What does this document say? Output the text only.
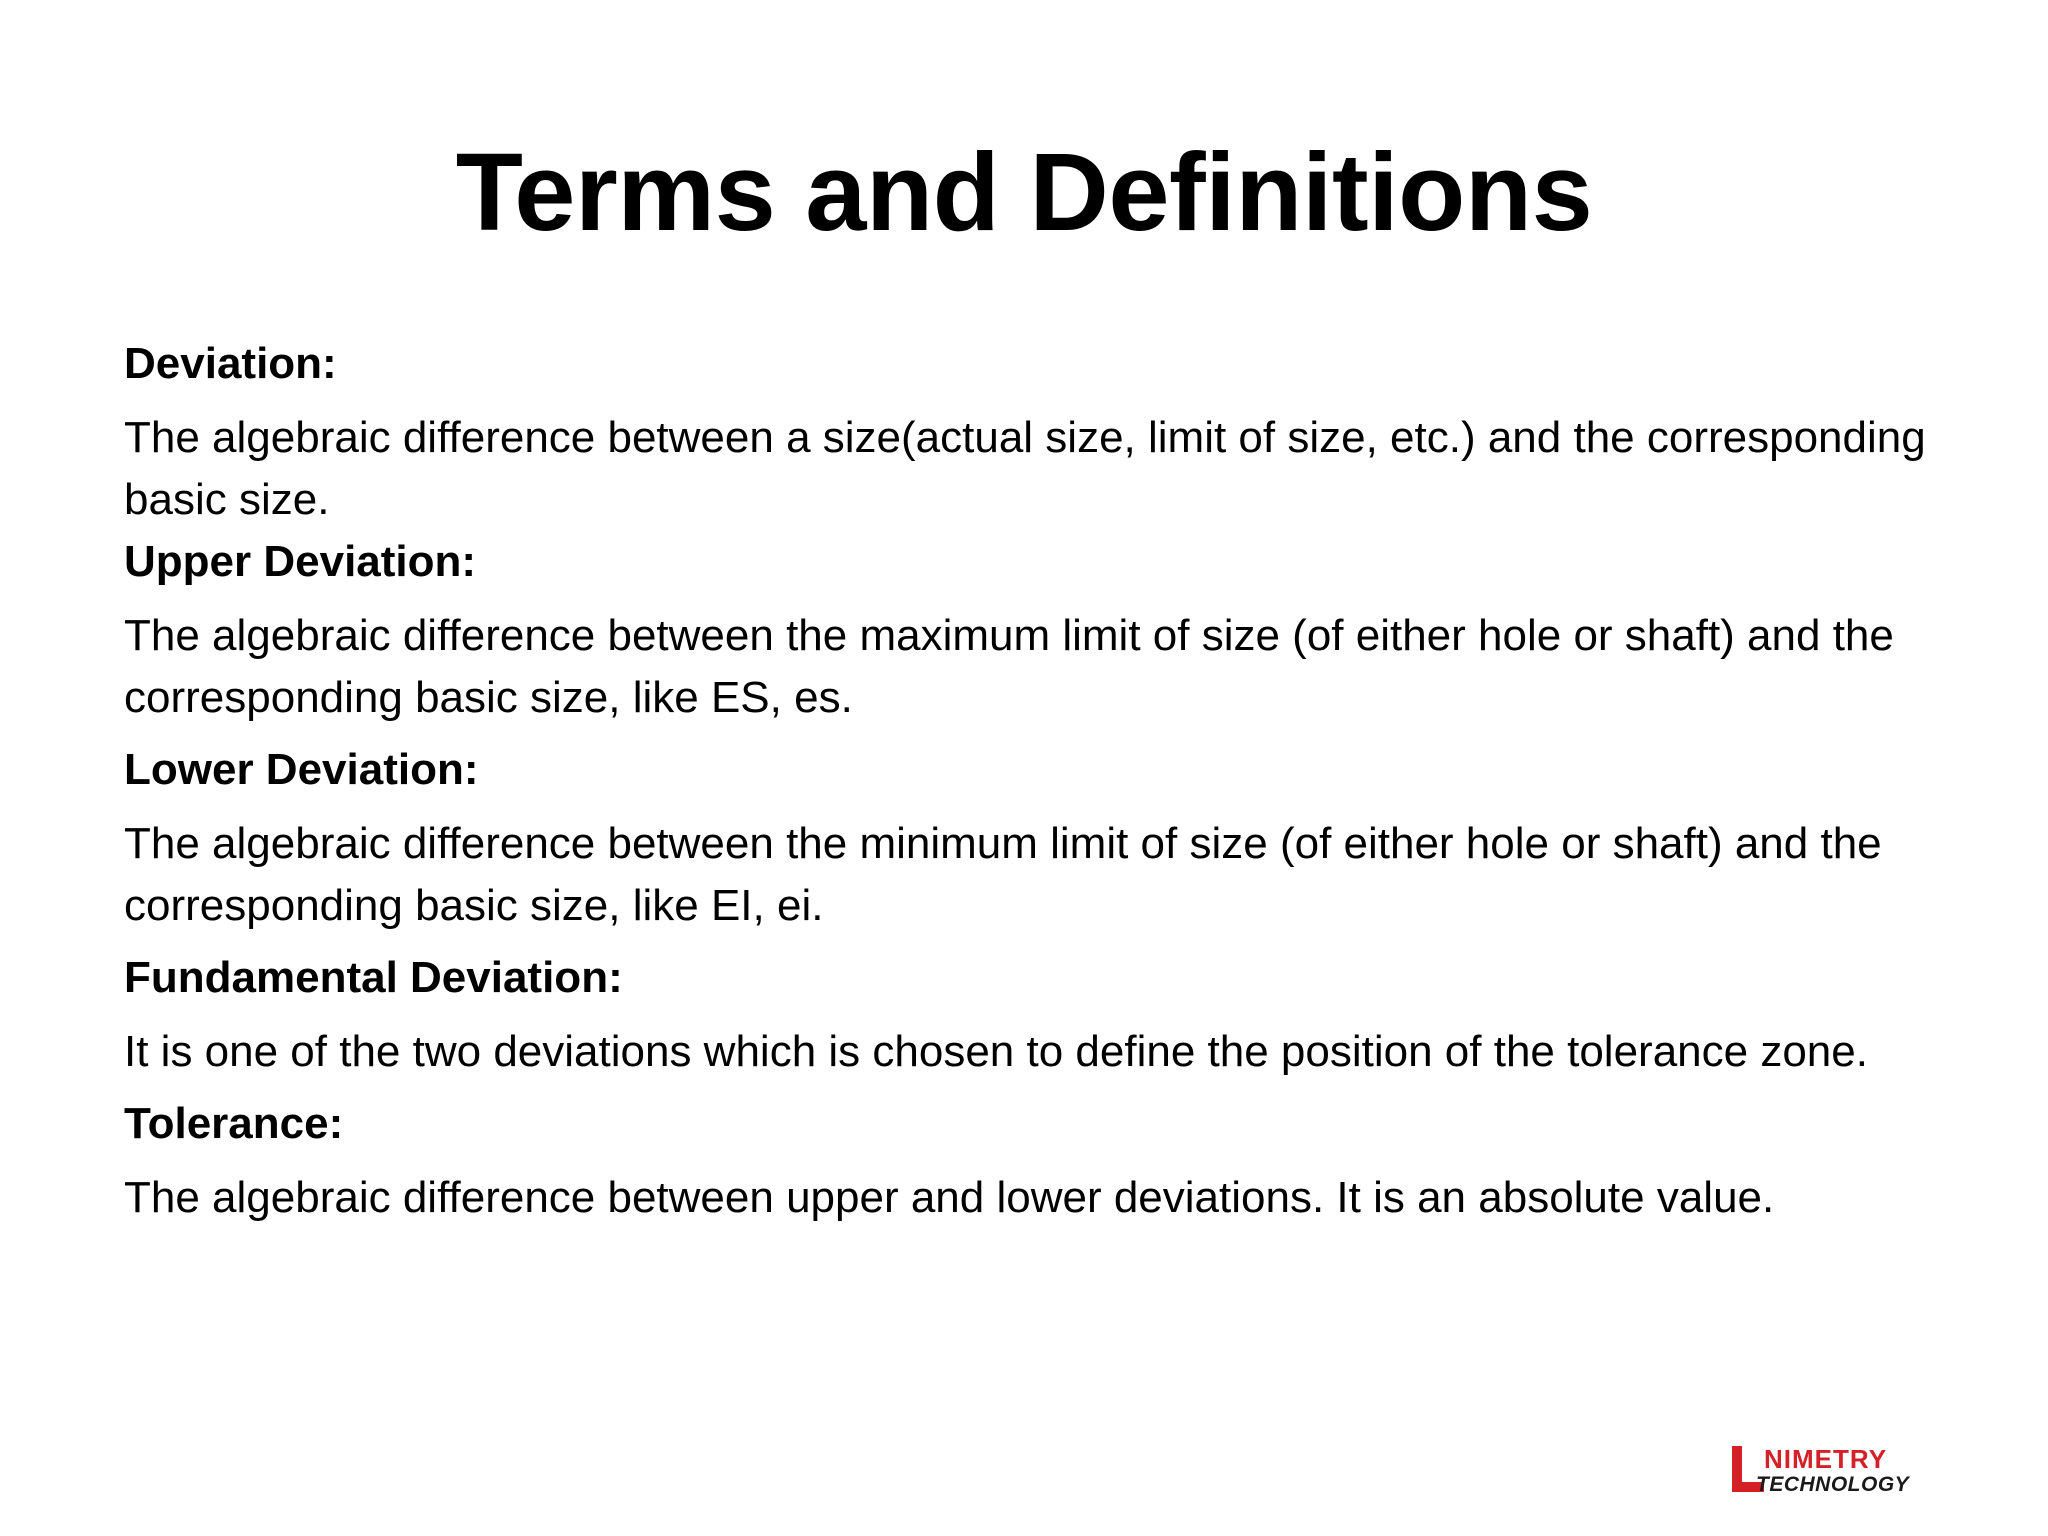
Terms and Definitions

Deviation:

The algebraic difference between a size(actual size, limit of size, etc.) and the corresponding basic size.

Upper Deviation:

The algebraic difference between the maximum limit of size (of either hole or shaft) and the corresponding basic size, like ES, es.

Lower Deviation:

The algebraic difference between the minimum limit of size (of either hole or shaft) and the corresponding basic size, like EI, ei.

Fundamental Deviation:

It is one of the two deviations which is chosen to define the position of the tolerance zone.

Tolerance:

The algebraic difference between upper and lower deviations. It is an absolute value.

NIMETRY
TECHNOLOGY
